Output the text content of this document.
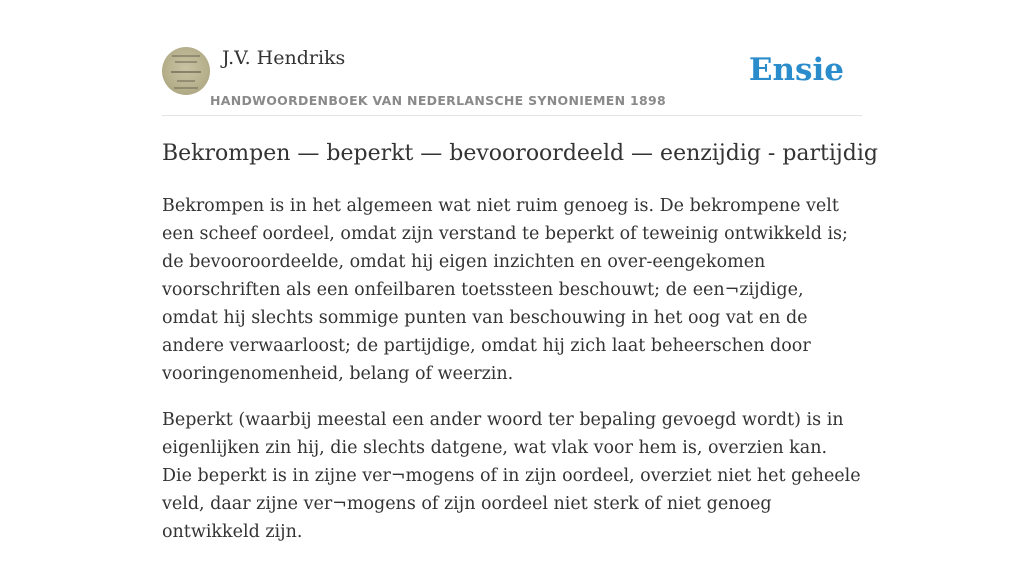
J.V. Hendriks
HANDWOORDENBOEK VAN NEDERLANSCHE SYNONIEMEN 1898
Ensie
Bekrompen — beperkt — bevooroordeeld — eenzijdig - partijdig

Bekrompen is in het algemeen wat niet ruim genoeg is. De bekrompene velt een scheef oordeel, omdat zijn verstand te beperkt of teweinig ontwikkeld is; de bevooroordeelde, omdat hij eigen inzichten en over-eengekomen voorschriften als een onfeilbaren toetssteen beschouwt; de een¬zijdige, omdat hij slechts sommige punten van beschouwing in het oog vat en de andere verwaarloost; de partijdige, omdat hij zich laat beheerschen door vooringenomenheid, belang of weerzin.

Beperkt (waarbij meestal een ander woord ter bepaling gevoegd wordt) is in eigenlijken zin hij, die slechts datgene, wat vlak voor hem is, overzien kan. Die beperkt is in zijne ver¬mogens of in zijn oordeel, overziet niet het geheele veld, daar zijne ver¬mogens of zijn oordeel niet sterk of niet genoeg ontwikkeld zijn.
